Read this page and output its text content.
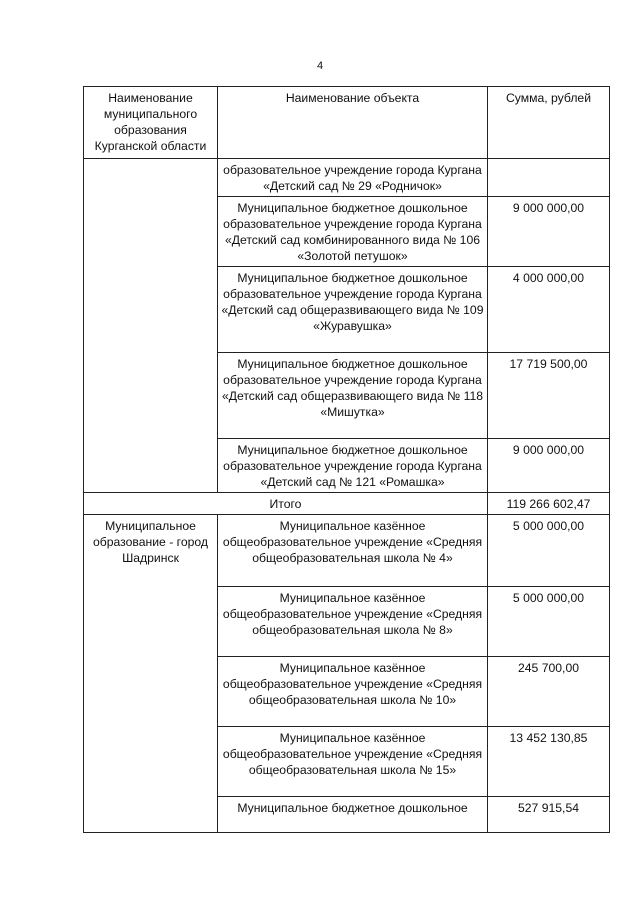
4
Наименование муниципального образования Курганской области	Наименование объекта	Сумма, рублей
	образовательное учреждение города Кургана «Детский сад № 29 «Родничок»	
	Муниципальное бюджетное дошкольное образовательное учреждение города Кургана «Детский сад комбинированного вида № 106 «Золотой петушок»	9 000 000,00
	Муниципальное бюджетное дошкольное образовательное учреждение города Кургана «Детский сад общеразвивающего вида № 109 «Журавушка»	4 000 000,00
	Муниципальное бюджетное дошкольное образовательное учреждение города Кургана «Детский сад общеразвивающего вида № 118 «Мишутка»	17 719 500,00
	Муниципальное бюджетное дошкольное образовательное учреждение города Кургана «Детский сад № 121 «Ромашка»	9 000 000,00
Итого		119 266 602,47
Муниципальное образование - город Шадринск	Муниципальное казённое общеобразовательное учреждение «Средняя общеобразовательная школа № 4»	5 000 000,00
	Муниципальное казённое общеобразовательное учреждение «Средняя общеобразовательная школа № 8»	5 000 000,00
	Муниципальное казённое общеобразовательное учреждение «Средняя общеобразовательная школа № 10»	245 700,00
	Муниципальное казённое общеобразовательное учреждение «Средняя общеобразовательная школа № 15»	13 452 130,85
	Муниципальное бюджетное дошкольное	527 915,54
